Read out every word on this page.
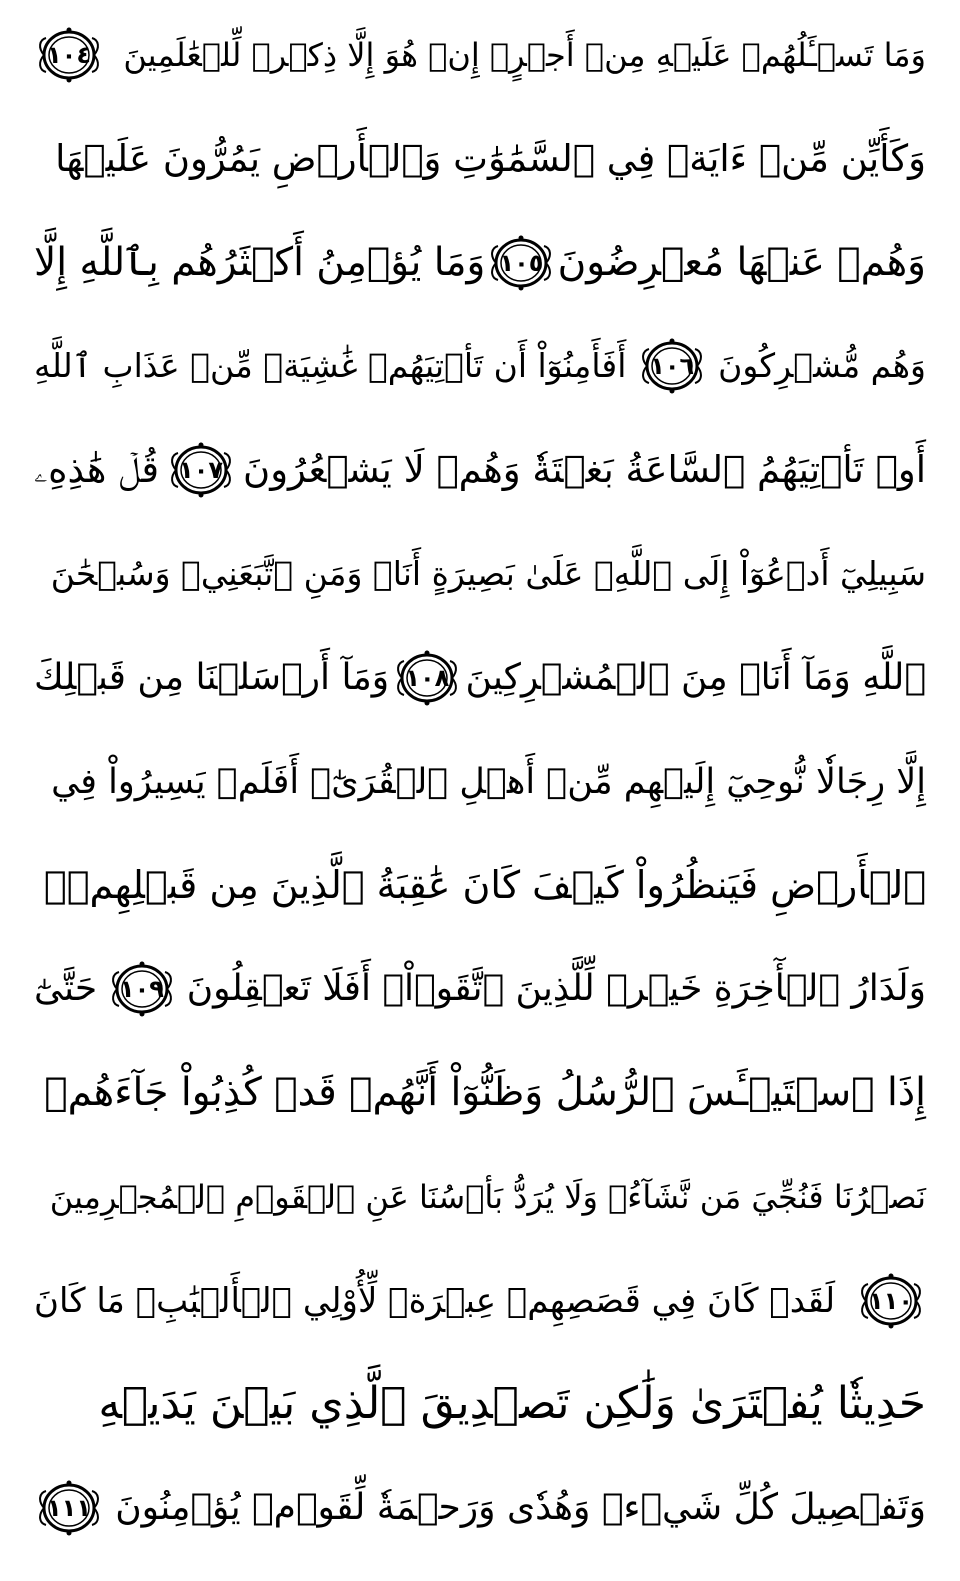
وَمَا تَسۡـَٔلُهُمۡ عَلَيۡهِ مِنۡ أَجۡرٍۚ إِنۡ هُوَ إِلَّا ذِكۡرٞ لِّلۡعَٰلَمِينَ
١٠٤
وَكَأَيِّن مِّنۡ ءَايَةٖ فِي ٱلسَّمَٰوَٰتِ وَٱلۡأَرۡضِ يَمُرُّونَ عَلَيۡهَا
وَهُمۡ عَنۡهَا مُعۡرِضُونَ
١٠٥
وَمَا يُؤۡمِنُ أَكۡثَرُهُم بِٱللَّهِ إِلَّا
وَهُم مُّشۡرِكُونَ
١٠٦
أَفَأَمِنُوٓاْ أَن تَأۡتِيَهُمۡ غَٰشِيَةٞ مِّنۡ عَذَابِ ٱللَّهِ
أَوۡ تَأۡتِيَهُمُ ٱلسَّاعَةُ بَغۡتَةٗ وَهُمۡ لَا يَشۡعُرُونَ
١٠٧
قُلۡ هَٰذِهِۦ
سَبِيلِيٓ أَدۡعُوٓاْ إِلَى ٱللَّهِۚ عَلَىٰ بَصِيرَةٍ أَنَا۠ وَمَنِ ٱتَّبَعَنِيۖ وَسُبۡحَٰنَ
ٱللَّهِ وَمَآ أَنَا۠ مِنَ ٱلۡمُشۡرِكِينَ
١٠٨
وَمَآ أَرۡسَلۡنَا مِن قَبۡلِكَ
إِلَّا رِجَالٗا نُّوحِيٓ إِلَيۡهِم مِّنۡ أَهۡلِ ٱلۡقُرَىٰٓۗ أَفَلَمۡ يَسِيرُواْ فِي
ٱلۡأَرۡضِ فَيَنظُرُواْ كَيۡفَ كَانَ عَٰقِبَةُ ٱلَّذِينَ مِن قَبۡلِهِمۡۗ
وَلَدَارُ ٱلۡأٓخِرَةِ خَيۡرٞ لِّلَّذِينَ ٱتَّقَوۡاْۚ أَفَلَا تَعۡقِلُونَ
١٠٩
حَتَّىٰٓ
إِذَا ٱسۡتَيۡـَٔسَ ٱلرُّسُلُ وَظَنُّوٓاْ أَنَّهُمۡ قَدۡ كُذِبُواْ جَآءَهُمۡ
نَصۡرُنَا فَنُجِّيَ مَن نَّشَآءُۖ وَلَا يُرَدُّ بَأۡسُنَا عَنِ ٱلۡقَوۡمِ ٱلۡمُجۡرِمِينَ
١١٠
لَقَدۡ كَانَ فِي قَصَصِهِمۡ عِبۡرَةٞ لِّأُوْلِي ٱلۡأَلۡبَٰبِۗ مَا كَانَ
حَدِيثٗا يُفۡتَرَىٰ وَلَٰكِن تَصۡدِيقَ ٱلَّذِي بَيۡنَ يَدَيۡهِ
وَتَفۡصِيلَ كُلِّ شَيۡءٖ وَهُدٗى وَرَحۡمَةٗ لِّقَوۡمٖ يُؤۡمِنُونَ
١١١
